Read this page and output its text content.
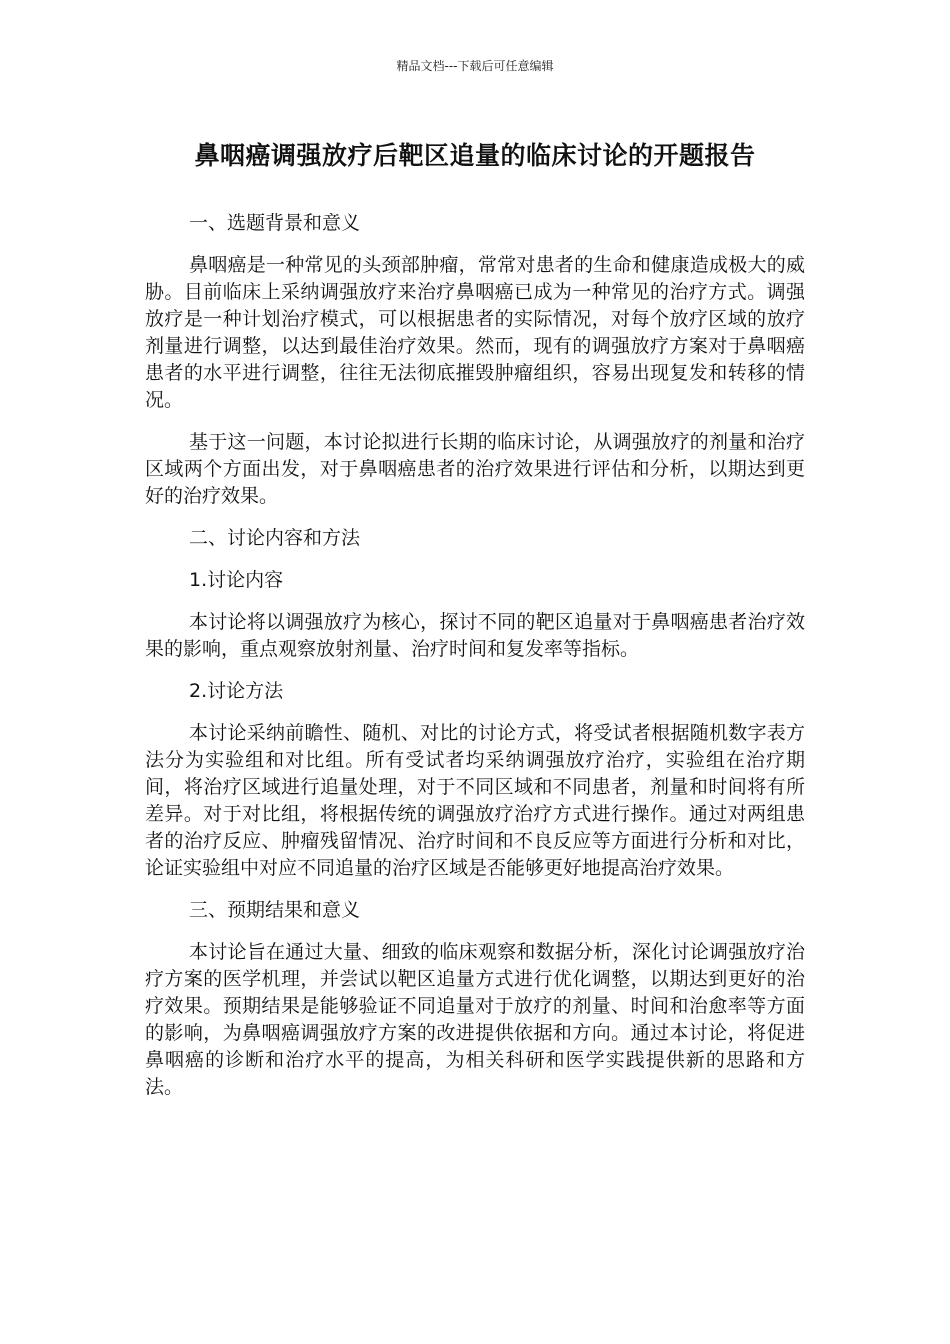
精品文档---下载后可任意编辑
鼻咽癌调强放疗后靶区追量的临床讨论的开题报告
一、选题背景和意义
鼻咽癌是一种常见的头颈部肿瘤，常常对患者的生命和健康造成极大的威胁。目前临床上采纳调强放疗来治疗鼻咽癌已成为一种常见的治疗方式。调强放疗是一种计划治疗模式，可以根据患者的实际情况，对每个放疗区域的放疗剂量进行调整，以达到最佳治疗效果。然而，现有的调强放疗方案对于鼻咽癌患者的水平进行调整，往往无法彻底摧毁肿瘤组织，容易出现复发和转移的情况。
基于这一问题，本讨论拟进行长期的临床讨论，从调强放疗的剂量和治疗区域两个方面出发，对于鼻咽癌患者的治疗效果进行评估和分析，以期达到更好的治疗效果。
二、讨论内容和方法
1.讨论内容
本讨论将以调强放疗为核心，探讨不同的靶区追量对于鼻咽癌患者治疗效果的影响，重点观察放射剂量、治疗时间和复发率等指标。
2.讨论方法
本讨论采纳前瞻性、随机、对比的讨论方式，将受试者根据随机数字表方法分为实验组和对比组。所有受试者均采纳调强放疗治疗，实验组在治疗期间，将治疗区域进行追量处理，对于不同区域和不同患者，剂量和时间将有所差异。对于对比组，将根据传统的调强放疗治疗方式进行操作。通过对两组患者的治疗反应、肿瘤残留情况、治疗时间和不良反应等方面进行分析和对比，论证实验组中对应不同追量的治疗区域是否能够更好地提高治疗效果。
三、预期结果和意义
本讨论旨在通过大量、细致的临床观察和数据分析，深化讨论调强放疗治疗方案的医学机理，并尝试以靶区追量方式进行优化调整，以期达到更好的治疗效果。预期结果是能够验证不同追量对于放疗的剂量、时间和治愈率等方面的影响，为鼻咽癌调强放疗方案的改进提供依据和方向。通过本讨论，将促进鼻咽癌的诊断和治疗水平的提高，为相关科研和医学实践提供新的思路和方法。
